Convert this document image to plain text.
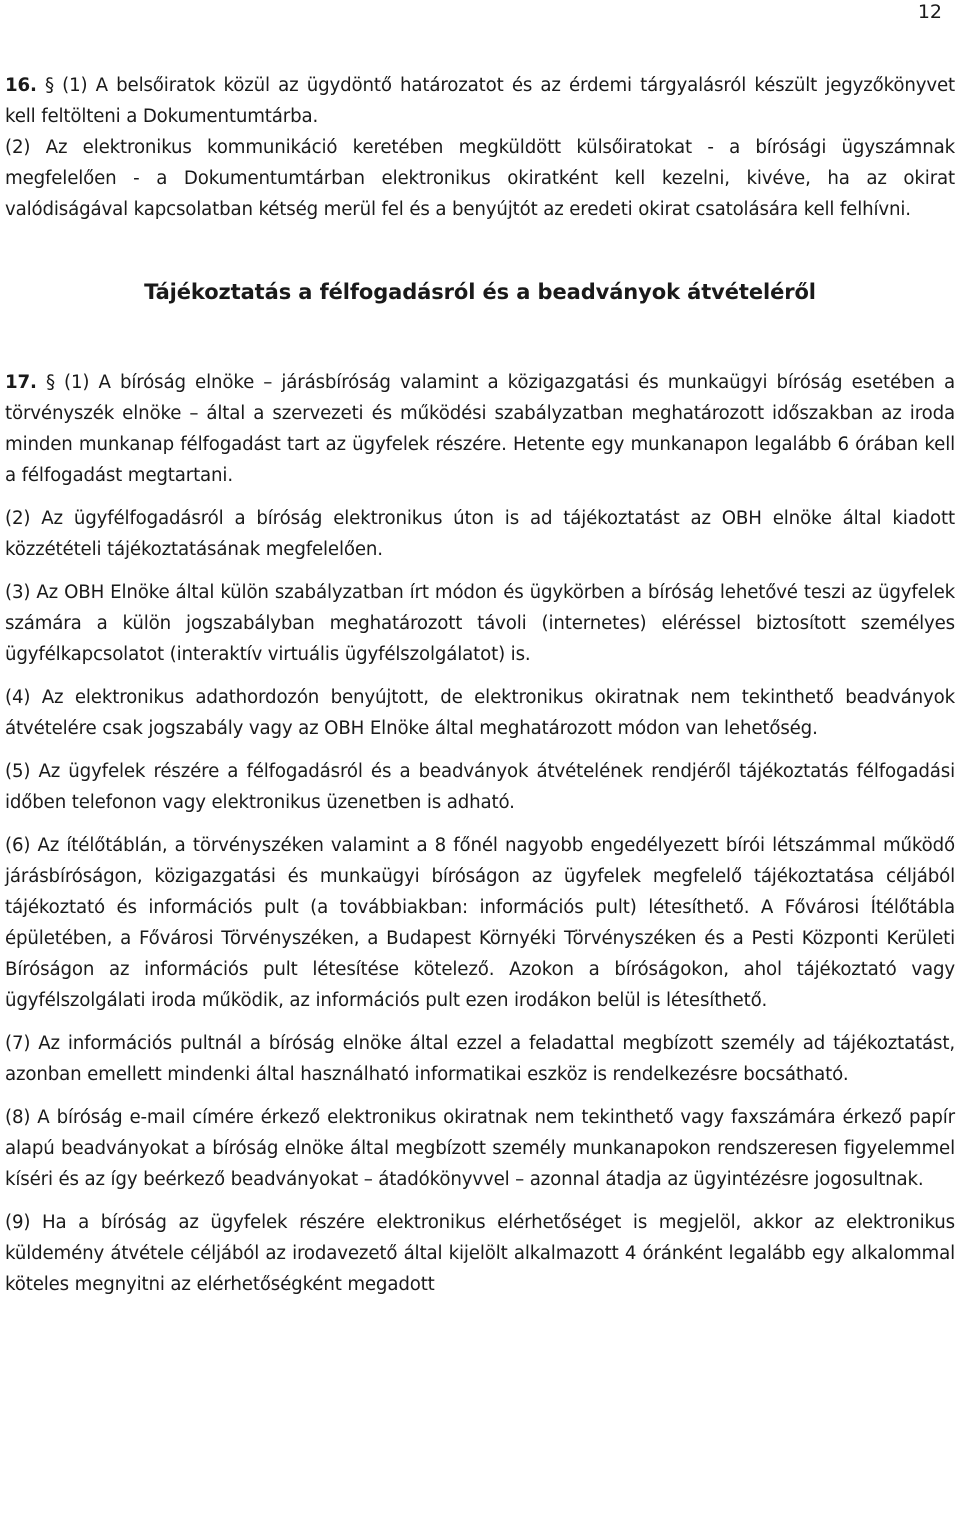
12

16. § (1) A belsőiratok közül az ügydöntő határozatot és az érdemi tárgyalásról készült jegyzőkönyvet kell feltölteni a Dokumentumtárba.

(2) Az elektronikus kommunikáció keretében megküldött külsőiratokat - a bírósági ügyszámnak megfelelően - a Dokumentumtárban elektronikus okiratként kell kezelni, kivéve, ha az okirat valódiságával kapcsolatban kétség merül fel és a benyújtót az eredeti okirat csatolására kell felhívni.

Tájékoztatás a félfogadásról és a beadványok átvételéről

17. § (1) A bíróság elnöke – járásbíróság valamint a közigazgatási és munkaügyi bíróság esetében a törvényszék elnöke – által a szervezeti és működési szabályzatban meghatározott időszakban az iroda minden munkanap félfogadást tart az ügyfelek részére. Hetente egy munkanapon legalább 6 órában kell a félfogadást megtartani.

(2) Az ügyfélfogadásról a bíróság elektronikus úton is ad tájékoztatást az OBH elnöke által kiadott közzétételi tájékoztatásának megfelelően.

(3) Az OBH Elnöke által külön szabályzatban írt módon és ügykörben a bíróság lehetővé teszi az ügyfelek számára a külön jogszabályban meghatározott távoli (internetes) eléréssel biztosított személyes ügyfélkapcsolatot (interaktív virtuális ügyfélszolgálatot) is.

(4) Az elektronikus adathordozón benyújtott, de elektronikus okiratnak nem tekinthető beadványok átvételére csak jogszabály vagy az OBH Elnöke által meghatározott módon van lehetőség.

(5) Az ügyfelek részére a félfogadásról és a beadványok átvételének rendjéről tájékoztatás félfogadási időben telefonon vagy elektronikus üzenetben is adható.

(6) Az ítélőtáblán, a törvényszéken valamint a 8 főnél nagyobb engedélyezett bírói létszámmal működő járásbíróságon, közigazgatási és munkaügyi bíróságon az ügyfelek megfelelő tájékoztatása céljából tájékoztató és információs pult (a továbbiakban: információs pult) létesíthető. A Fővárosi Ítélőtábla épületében, a Fővárosi Törvényszéken, a Budapest Környéki Törvényszéken és a Pesti Központi Kerületi Bíróságon az információs pult létesítése kötelező. Azokon a bíróságokon, ahol tájékoztató vagy ügyfélszolgálati iroda működik, az információs pult ezen irodákon belül is létesíthető.

(7) Az információs pultnál a bíróság elnöke által ezzel a feladattal megbízott személy ad tájékoztatást, azonban emellett mindenki által használható informatikai eszköz is rendelkezésre bocsátható.

(8) A bíróság e-mail címére érkező elektronikus okiratnak nem tekinthető vagy faxszámára érkező papír alapú beadványokat a bíróság elnöke által megbízott személy munkanapokon rendszeresen figyelemmel kíséri és az így beérkező beadványokat – átadókönyvvel – azonnal átadja az ügyintézésre jogosultnak.

(9) Ha a bíróság az ügyfelek részére elektronikus elérhetőséget is megjelöl, akkor az elektronikus küldemény átvétele céljából az irodavezető által kijelölt alkalmazott 4 óránként legalább egy alkalommal köteles megnyitni az elérhetőségként megadott
